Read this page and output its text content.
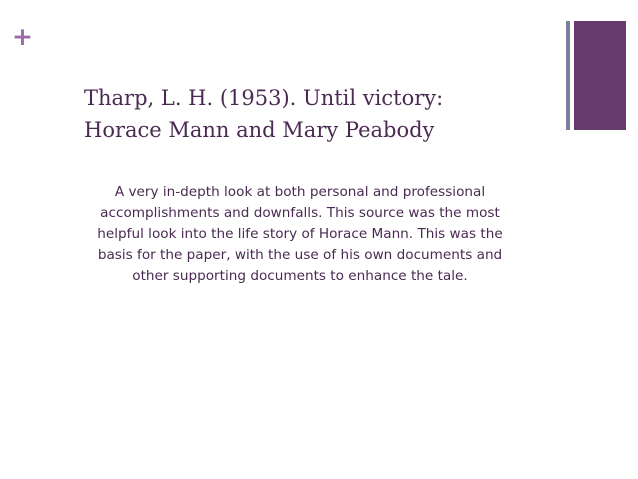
+
Tharp, L. H. (1953). Until victory:
Horace Mann and Mary Peabody
A very in-depth look at both personal and professional
accomplishments and downfalls. This source was the most
helpful look into the life story of Horace Mann. This was the
basis for the paper, with the use of his own documents and
other supporting documents to enhance the tale.
